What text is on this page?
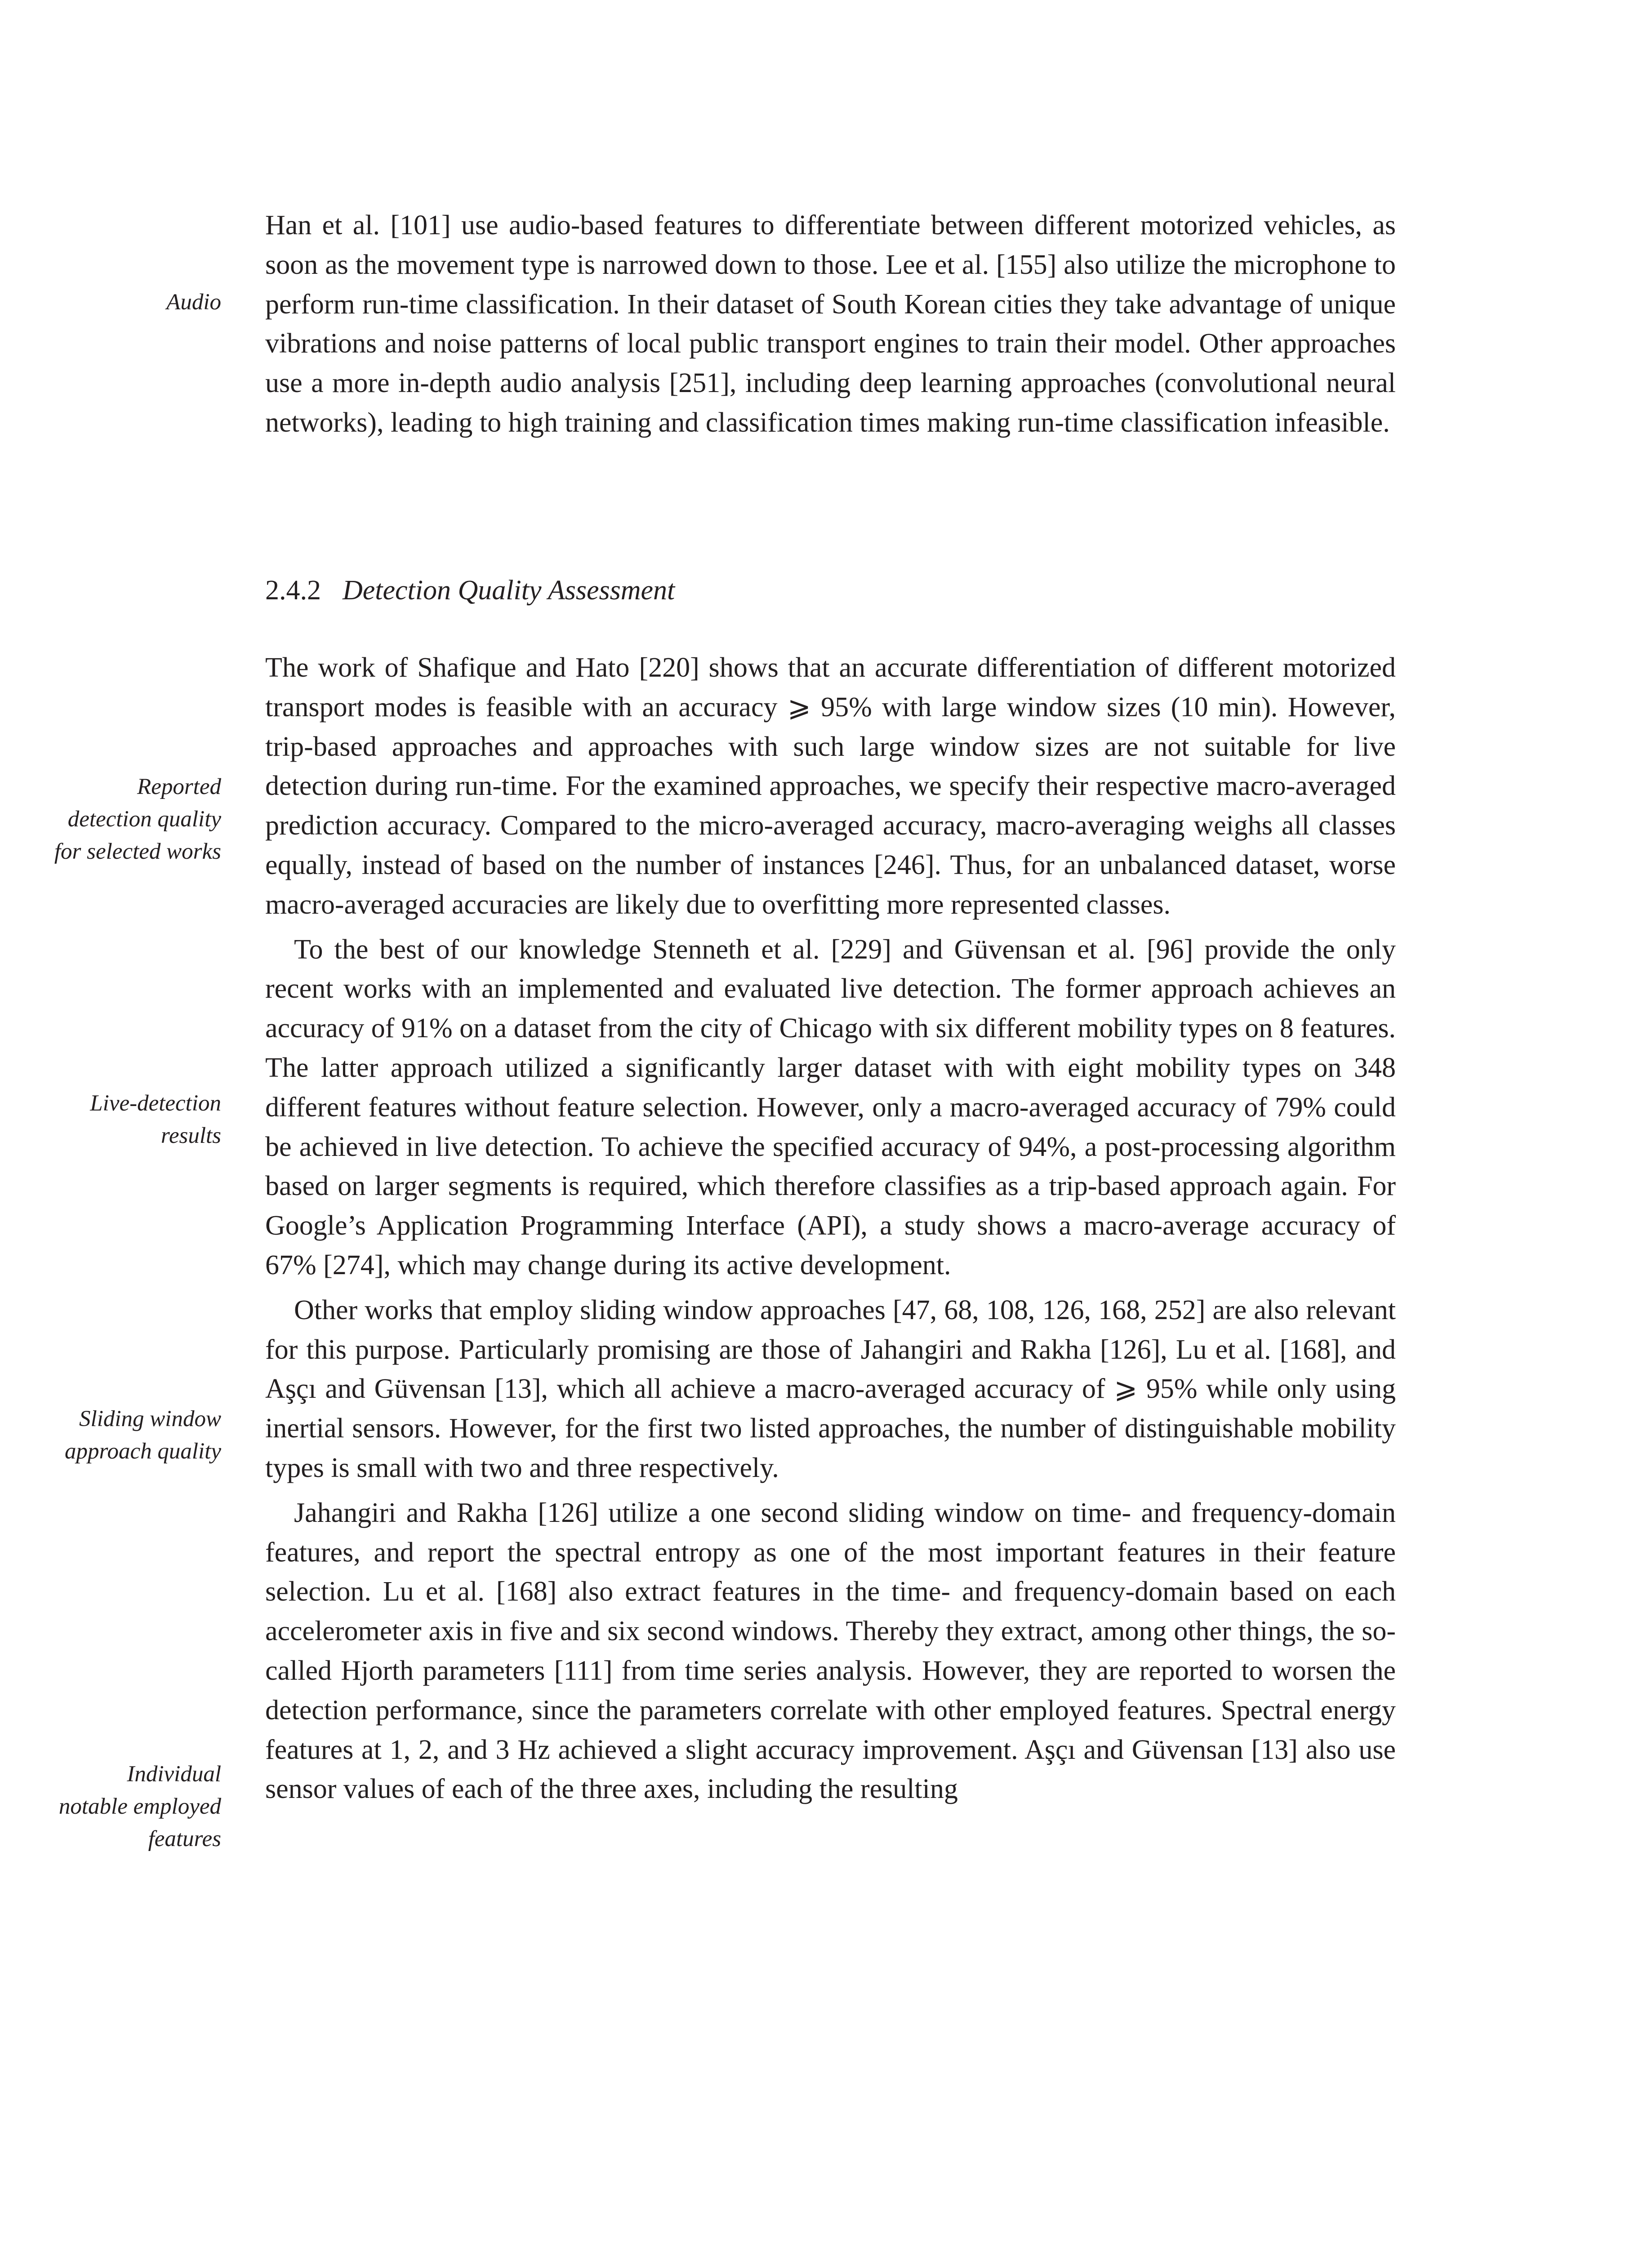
Audio
Reported detection quality for selected works
Live-detection results
Sliding window approach quality
Individual notable employed features

Han et al. [101] use audio-based features to differentiate between different motorized vehicles, as soon as the movement type is narrowed down to those. Lee et al. [155] also utilize the microphone to perform run-time classification. In their dataset of South Korean cities they take advantage of unique vibrations and noise patterns of local public transport engines to train their model. Other approaches use a more in-depth audio analysis [251], including deep learning approaches (convolutional neural networks), leading to high training and classification times making run-time classification infeasible.

2.4.2 Detection Quality Assessment

The work of Shafique and Hato [220] shows that an accurate differentiation of different motorized transport modes is feasible with an accuracy ⩾ 95% with large window sizes (10 min). However, trip-based approaches and approaches with such large window sizes are not suitable for live detection during run-time. For the examined approaches, we specify their respective macro-averaged prediction accuracy. Compared to the micro-averaged accuracy, macro-averaging weighs all classes equally, instead of based on the number of instances [246]. Thus, for an unbalanced dataset, worse macro-averaged accuracies are likely due to overfitting more represented classes.

To the best of our knowledge Stenneth et al. [229] and Güvensan et al. [96] provide the only recent works with an implemented and evaluated live detection. The former approach achieves an accuracy of 91% on a dataset from the city of Chicago with six different mobility types on 8 features. The latter approach utilized a significantly larger dataset with with eight mobility types on 348 different features without feature selection. However, only a macro-averaged accuracy of 79% could be achieved in live detection. To achieve the specified accuracy of 94%, a post-processing algorithm based on larger segments is required, which therefore classifies as a trip-based approach again. For Google’s Application Programming Interface (API), a study shows a macro-average accuracy of 67% [274], which may change during its active development.

Other works that employ sliding window approaches [47, 68, 108, 126, 168, 252] are also relevant for this purpose. Particularly promising are those of Jahangiri and Rakha [126], Lu et al. [168], and Aşçı and Güvensan [13], which all achieve a macro-averaged accuracy of ⩾ 95% while only using inertial sensors. However, for the first two listed approaches, the number of distinguishable mobility types is small with two and three respectively.

Jahangiri and Rakha [126] utilize a one second sliding window on time- and frequency-domain features, and report the spectral entropy as one of the most important features in their feature selection. Lu et al. [168] also extract features in the time- and frequency-domain based on each accelerometer axis in five and six second windows. Thereby they extract, among other things, the so-called Hjorth parameters [111] from time series analysis. However, they are reported to worsen the detection performance, since the parameters correlate with other employed features. Spectral energy features at 1, 2, and 3 Hz achieved a slight accuracy improvement. Aşçı and Güvensan [13] also use sensor values of each of the three axes, including the resulting
